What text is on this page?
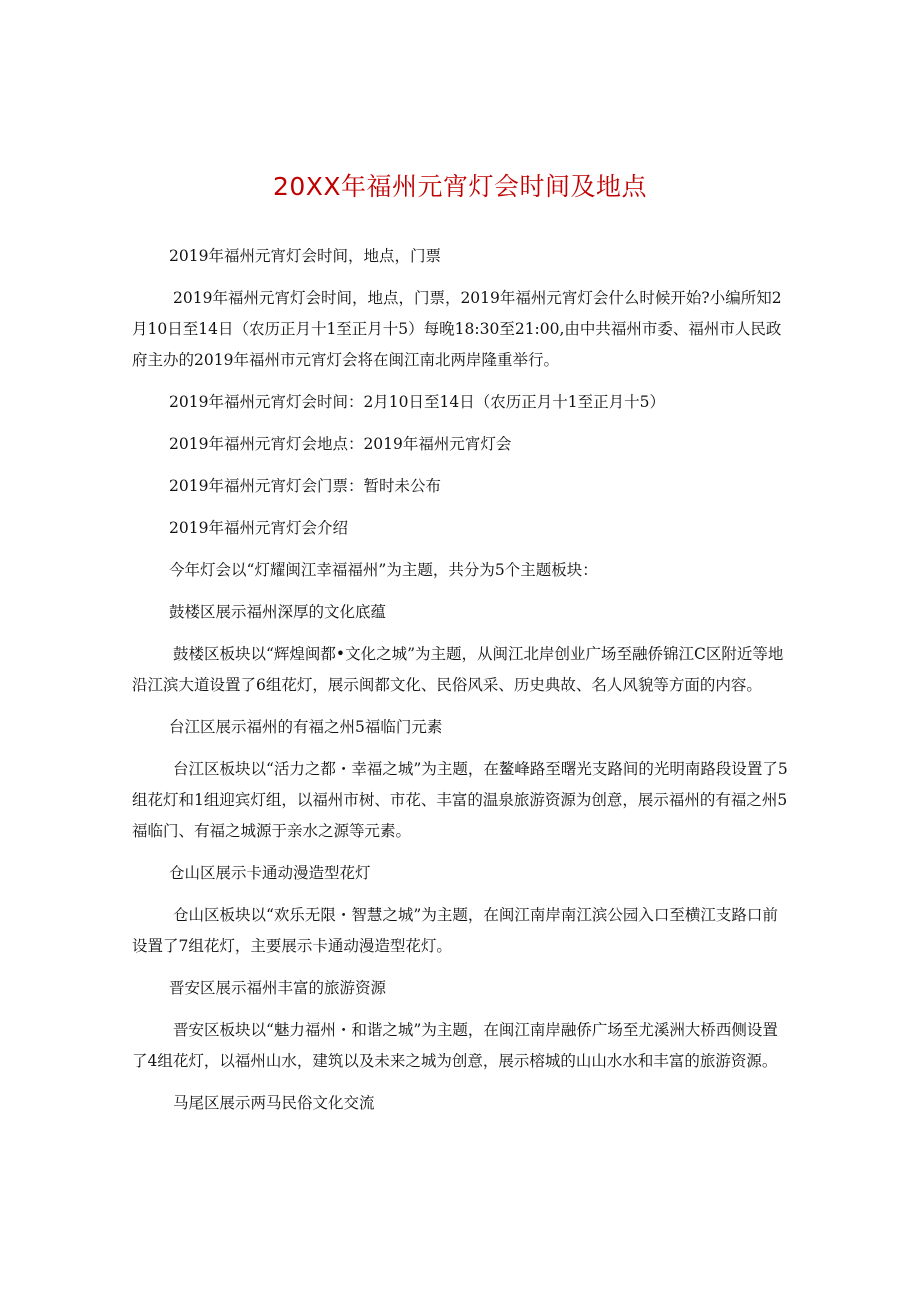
20XX年福州元宵灯会时间及地点

2019年福州元宵灯会时间，地点，门票

2019年福州元宵灯会时间，地点，门票，2019年福州元宵灯会什么时候开始?小编所知2月10日至14日（农历正月十1至正月十5）每晚18:30至21:00,由中共福州市委、福州市人民政府主办的2019年福州市元宵灯会将在闽江南北两岸隆重举行。

2019年福州元宵灯会时间：2月10日至14日（农历正月十1至正月十5）

2019年福州元宵灯会地点：2019年福州元宵灯会

2019年福州元宵灯会门票：暂时未公布

2019年福州元宵灯会介绍

今年灯会以“灯耀闽江幸福福州”为主题，共分为5个主题板块：

鼓楼区展示福州深厚的文化底蕴

鼓楼区板块以“辉煌闽都•文化之城”为主题，从闽江北岸创业广场至融侨锦江C区附近等地沿江滨大道设置了6组花灯，展示闽都文化、民俗风采、历史典故、名人风貌等方面的内容。

台江区展示福州的有福之州5福临门元素

台江区板块以“活力之都・幸福之城”为主题，在鳌峰路至曙光支路间的光明南路段设置了5组花灯和1组迎宾灯组，以福州市树、市花、丰富的温泉旅游资源为创意，展示福州的有福之州5福临门、有福之城源于亲水之源等元素。

仓山区展示卡通动漫造型花灯

仓山区板块以“欢乐无限・智慧之城”为主题，在闽江南岸南江滨公园入口至横江支路口前设置了7组花灯，主要展示卡通动漫造型花灯。

晋安区展示福州丰富的旅游资源

晋安区板块以“魅力福州・和谐之城”为主题，在闽江南岸融侨广场至尤溪洲大桥西侧设置了4组花灯，以福州山水，建筑以及未来之城为创意，展示榕城的山山水水和丰富的旅游资源。

马尾区展示两马民俗文化交流
